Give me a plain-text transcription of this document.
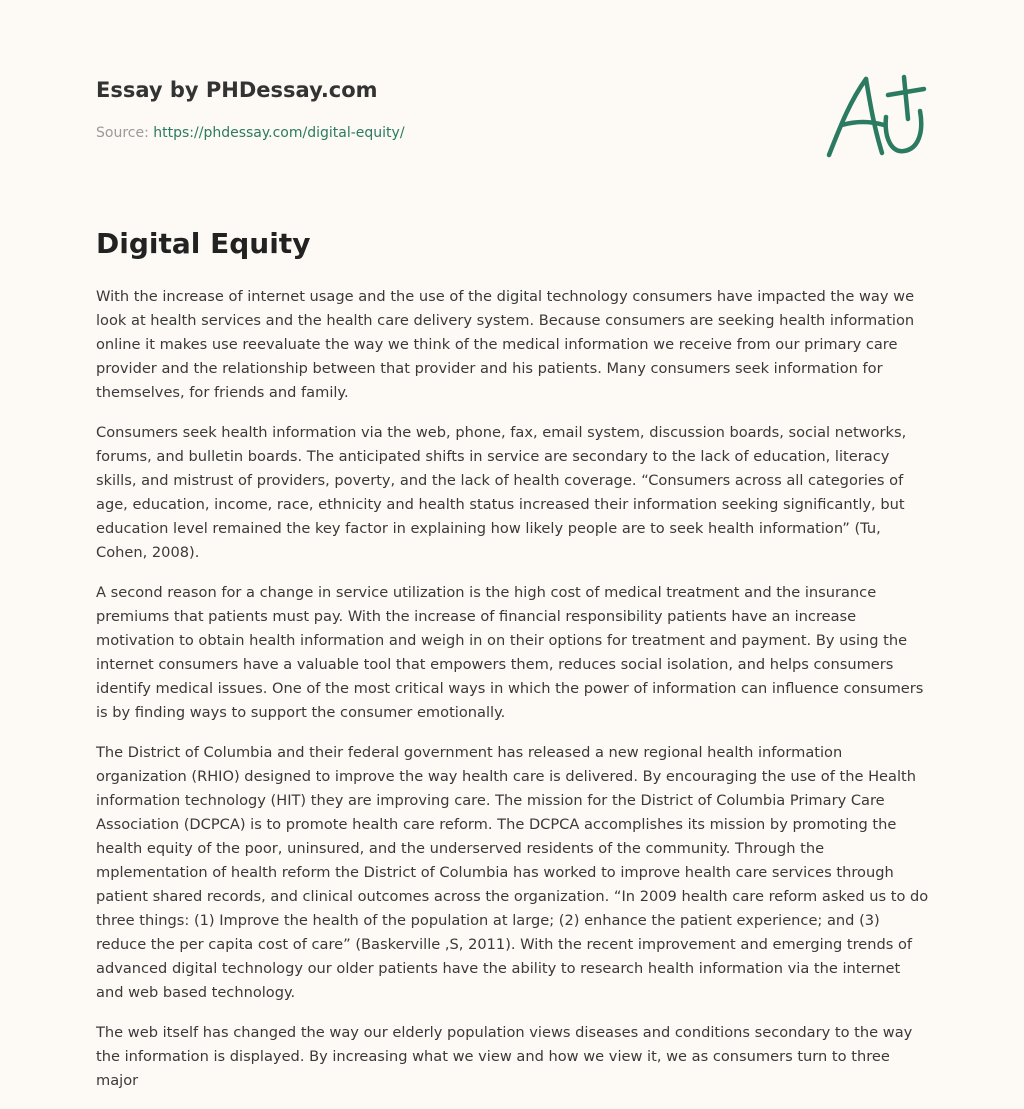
Essay by PHDessay.com
Source: https://phdessay.com/digital-equity/
Digital Equity

With the increase of internet usage and the use of the digital technology consumers have impacted the way we look at health services and the health care delivery system. Because consumers are seeking health information online it makes use reevaluate the way we think of the medical information we receive from our primary care provider and the relationship between that provider and his patients. Many consumers seek information for themselves, for friends and family.

Consumers seek health information via the web, phone, fax, email system, discussion boards, social networks, forums, and bulletin boards. The anticipated shifts in service are secondary to the lack of education, literacy skills, and mistrust of providers, poverty, and the lack of health coverage. “Consumers across all categories of age, education, income, race, ethnicity and health status increased their information seeking significantly, but education level remained the key factor in explaining how likely people are to seek health information” (Tu, Cohen, 2008).

A second reason for a change in service utilization is the high cost of medical treatment and the insurance premiums that patients must pay. With the increase of financial responsibility patients have an increase motivation to obtain health information and weigh in on their options for treatment and payment. By using the internet consumers have a valuable tool that empowers them, reduces social isolation, and helps consumers identify medical issues. One of the most critical ways in which the power of information can influence consumers is by finding ways to support the consumer emotionally.

The District of Columbia and their federal government has released a new regional health information organization (RHIO) designed to improve the way health care is delivered. By encouraging the use of the Health information technology (HIT) they are improving care. The mission for the District of Columbia Primary Care Association (DCPCA) is to promote health care reform. The DCPCA accomplishes its mission by promoting the health equity of the poor, uninsured, and the underserved residents of the community. Through the mplementation of health reform the District of Columbia has worked to improve health care services through patient shared records, and clinical outcomes across the organization. “In 2009 health care reform asked us to do three things: (1) Improve the health of the population at large; (2) enhance the patient experience; and (3) reduce the per capita cost of care” (Baskerville ,S, 2011). With the recent improvement and emerging trends of advanced digital technology our older patients have the ability to research health information via the internet and web based technology.

The web itself has changed the way our elderly population views diseases and conditions secondary to the way the information is displayed. By increasing what we view and how we view it, we as consumers turn to three major
